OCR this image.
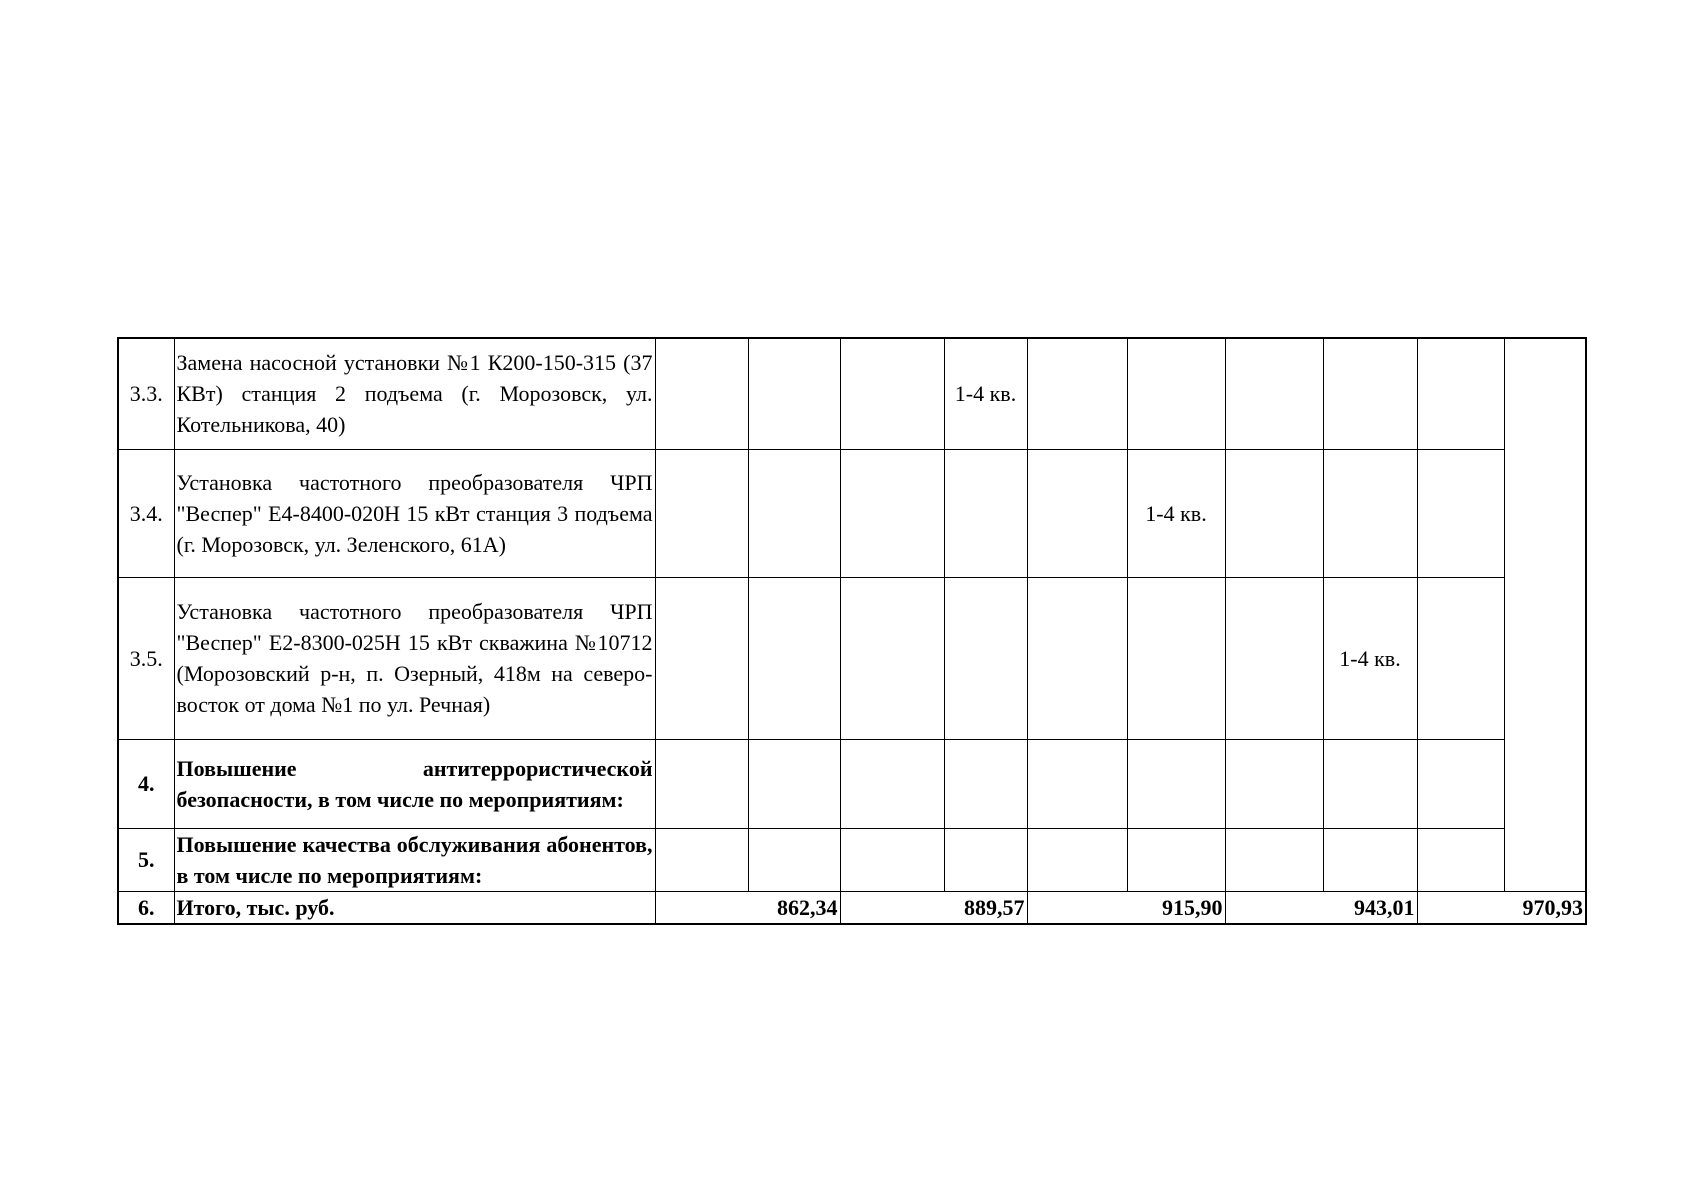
3.3.	Замена насосной установки №1 К200-150-315 (37 КВт) станция 2 подъема (г. Морозовск, ул. Котельникова, 40)				1-4 кв.					
3.4.	Установка частотного преобразователя ЧРП "Веспер" Е4-8400-020Н 15 кВт станция 3 подъема (г. Морозовск, ул. Зеленского, 61А)						1-4 кв.			
3.5.	Установка частотного преобразователя ЧРП "Веспер" Е2-8300-025Н 15 кВт скважина №10712 (Морозовский р-н, п. Озерный, 418м на северо-восток от дома №1 по ул. Речная)								1-4 кв.	
4.	Повышение антитеррористической безопасности, в том числе по мероприятиям:									
5.	Повышение качества обслуживания абонентов, в том числе по мероприятиям:									
6.	Итого, тыс. руб.	862,34		889,57		915,90		943,01		970,93
